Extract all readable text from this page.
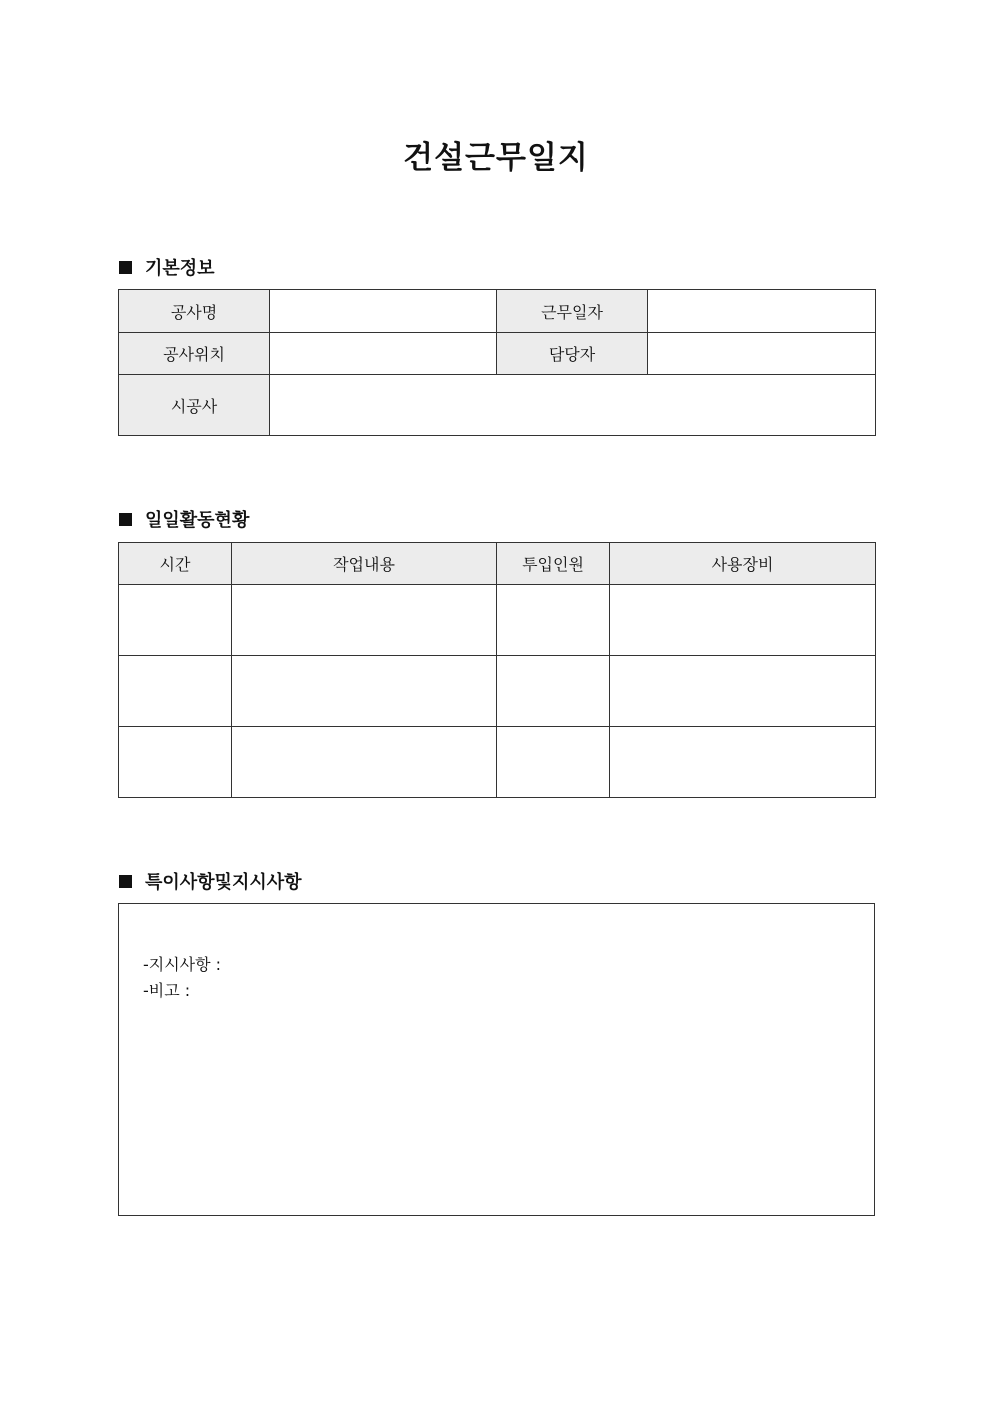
건설근무일지
기본정보
공사명		근무일자	
공사위치		담당자	
시공사			
일일활동현황
시간	작업내용	투입인원	사용장비

특이사항및지시사항
-지시사항 :
-비고 :
